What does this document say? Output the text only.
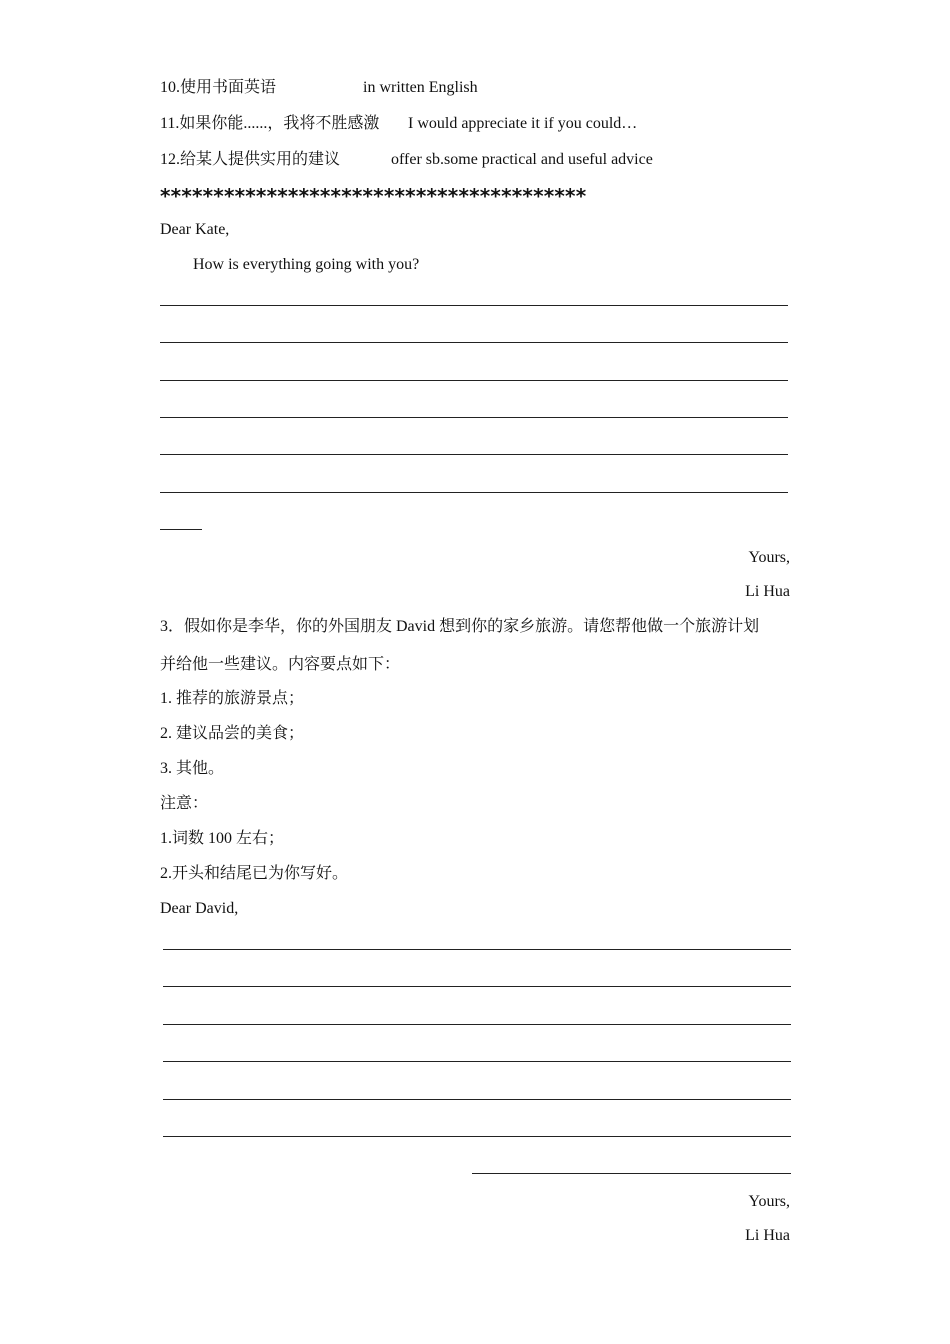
10.使用书面英语	in written English
11.如果你能......，我将不胜感激 I would appreciate it if you could…
12.给某人提供实用的建议	offer sb.some practical and useful advice
****************************************
Dear Kate,
How is everything going with you?
Yours,
Li Hua
3．假如你是李华，你的外国朋友 David 想到你的家乡旅游。请您帮他做一个旅游计划
并给他一些建议。内容要点如下：
1. 推荐的旅游景点；
2. 建议品尝的美食；
3. 其他。
注意：
1.词数 100 左右；
2.开头和结尾已为你写好。
Dear David,
Yours,
Li Hua
